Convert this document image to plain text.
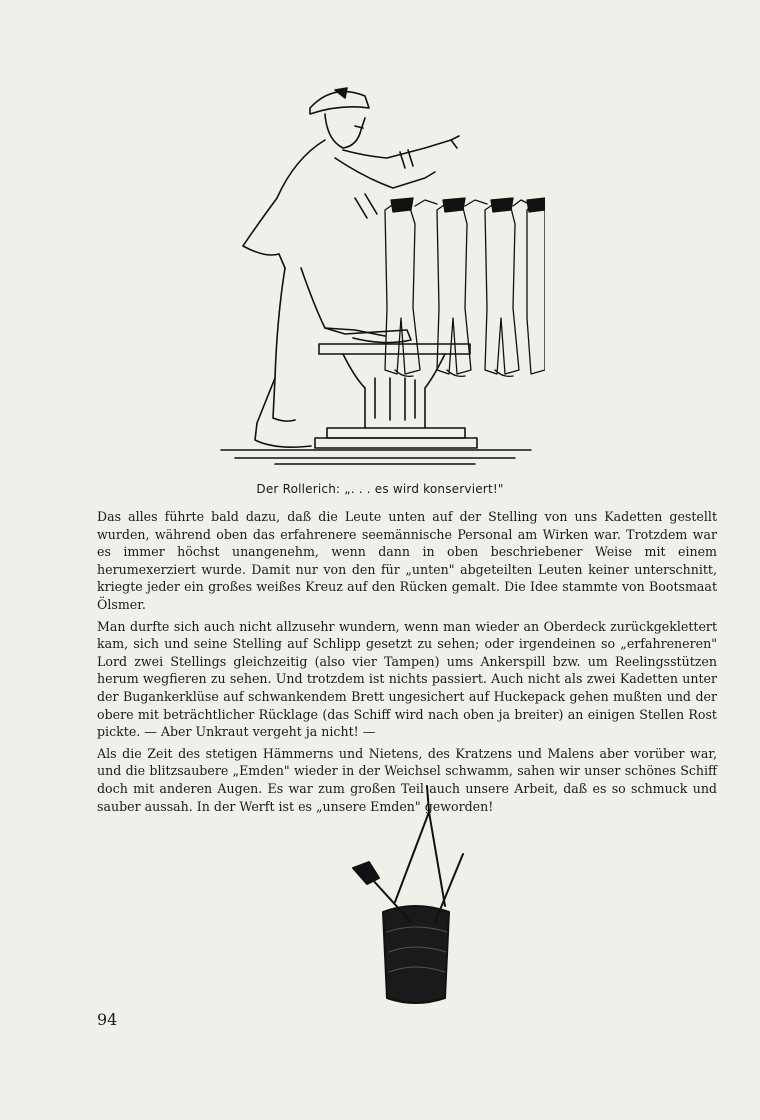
Der Rollerich: „. . . es wird konserviert!"

Das alles führte bald dazu, daß die Leute unten auf der Stelling von uns Kadetten gestellt wurden, während oben das erfahrenere seemännische Personal am Wirken war. Trotzdem war es immer höchst unangenehm, wenn dann in oben beschriebener Weise mit einem herumexerziert wurde. Damit nur von den für „unten" abgeteilten Leuten keiner unterschnitt, kriegte jeder ein großes weißes Kreuz auf den Rücken gemalt. Die Idee stammte von Bootsmaat Ölsmer.

Man durfte sich auch nicht allzusehr wundern, wenn man wieder an Oberdeck zurückgeklettert kam, sich und seine Stelling auf Schlipp gesetzt zu sehen; oder irgendeinen so „erfahreneren" Lord zwei Stellings gleichzeitig (also vier Tampen) ums Ankerspill bzw. um Reelingsstützen herum wegfieren zu sehen. Und trotzdem ist nichts passiert. Auch nicht als zwei Kadetten unter der Bugankerklüse auf schwankendem Brett ungesichert auf Huckepack gehen mußten und der obere mit beträchtlicher Rücklage (das Schiff wird nach oben ja breiter) an einigen Stellen Rost pickte. — Aber Unkraut vergeht ja nicht! —

Als die Zeit des stetigen Hämmerns und Nietens, des Kratzens und Malens aber vorüber war, und die blitzsaubere „Emden" wieder in der Weichsel schwamm, sahen wir unser schönes Schiff doch mit anderen Augen. Es war zum großen Teil auch unsere Arbeit, daß es so schmuck und sauber aussah. In der Werft ist es „unsere Emden" geworden!

94
